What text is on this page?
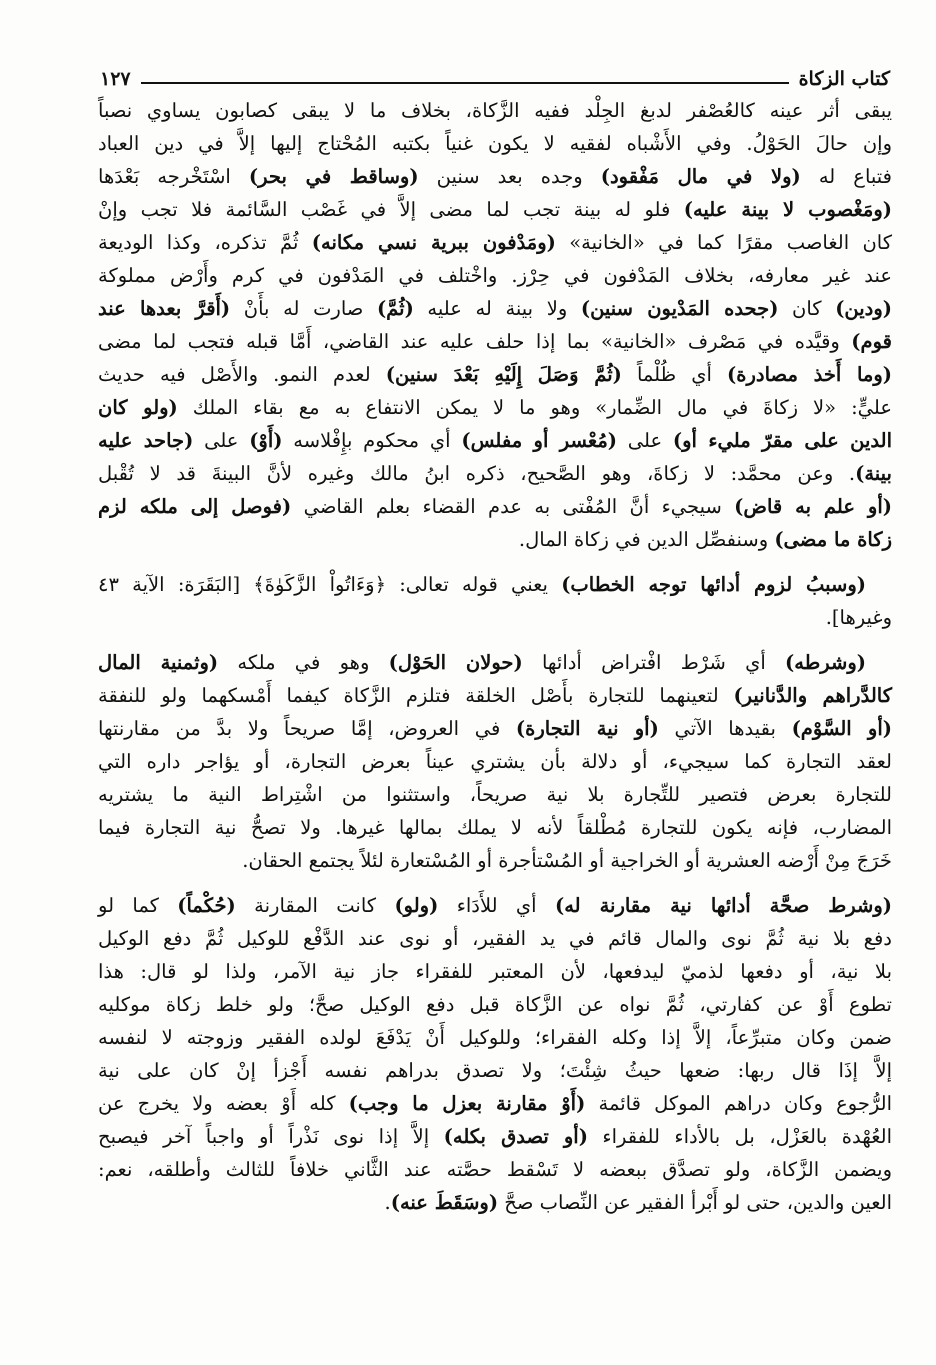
كتاب الزكاة
١٢٧
يبقى أثر عينه كالعُصْفر لدبغ الجِلْد ففيه الزَّكاة، بخلاف ما لا يبقى كصابون يساوي نصباً
وإن حالَ الحَوْلُ. وفي الأَشْباه لفقيه لا يكون غنياً بكتبه المُحْتاج إليها إلاَّ في دين العباد
فتباع له (ولا في مال مَفْقود) وجده بعد سنين (وساقط في بحر) اسْتَخْرجه بَعْدَها
(ومَغْصوب لا بينة عليه) فلو له بينة تجب لما مضى إلاَّ في غَصْب السَّائمة فلا تجب وإنْ
كان الغاصب مقرًا كما في «الخانية» (ومَدْفون ببرية نسي مكانه) ثُمَّ تذكره، وكذا الوديعة
عند غير معارفه، بخلاف المَدْفون في حِرْز. واخْتلف في المَدْفون في كرم وأَرْض مملوكة
(ودين) كان (جحده المَدْيون سنين) ولا بينة له عليه (ثُمَّ) صارت له بأَنْ (أَقرَّ بعدها عند
قوم) وقيَّده في مَصْرف «الخانية» بما إذا حلف عليه عند القاضي، أَمَّا قبله فتجب لما مضى
(وما أَخذ مصادرة) أي ظُلْماً (ثُمَّ وَصَلَ إِلَيْهِ بَعْدَ سنين) لعدم النمو. والأَصْل فيه حديث
عليٍّ: «لا زكاةَ في مال الضِّمار» وهو ما لا يمكن الانتفاع به مع بقاء الملك (ولو كان
الدين على مقرّ مليء أو) على (مُعْسر أو مفلس) أي محكوم بإِفْلاسه (أَوْ) على (جاحد عليه
بينة). وعن محمَّد: لا زكاةَ، وهو الصَّحيح، ذكره ابنُ مالك وغيره لأنَّ البينةَ قد لا تُقْبل
(أو علم به قاض) سيجيء أنَّ المُفْتى به عدم القضاء بعلم القاضي (فوصل إلى ملكه لزم
زكاة ما مضى) وسنفصِّل الدين في زكاة المال.
(وسببُ لزوم أدائها توجه الخطاب) يعني قوله تعالى: ﴿وَءَاتُواْ الزَّكَوٰةَ﴾ [البَقَرَة: الآية ٤٣
وغيرها].
(وشرطه) أي شَرْط افْتراض أدائها (حولان الحَوْل) وهو في ملكه (وثمنية المال
كالدَّراهم والدَّنانير) لتعينهما للتجارة بأَصْل الخلقة فتلزم الزَّكاة كيفما أَمْسكهما ولو للنفقة
(أو السَّوْم) بقيدها الآتي (أو نية التجارة) في العروض، إمَّا صريحاً ولا بدَّ من مقارنتها
لعقد التجارة كما سيجيء، أو دلالة بأن يشتري عيناً بعرض التجارة، أو يؤاجر داره التي
للتجارة بعرض فتصير للتِّجارة بلا نية صريحاً، واستثنوا من اشْتِراط النية ما يشتريه
المضارب، فإنه يكون للتجارة مُطْلقاً لأنه لا يملك بمالها غيرها. ولا تصحُّ نية التجارة فيما
خَرَجَ مِنْ أَرْضه العشرية أو الخراجية أو المُسْتأجرة أو المُسْتعارة لئلاً يجتمع الحقان.
(وشرط صحَّة أدائها نية مقارنة له) أي للأَدَاء (ولو) كانت المقارنة (حُكْماً) كما لو
دفع بلا نية ثُمَّ نوى والمال قائم في يد الفقير، أو نوى عند الدَّفْع للوكيل ثُمَّ دفع الوكيل
بلا نية، أو دفعها لذميّ ليدفعها، لأن المعتبر للفقراء جاز نية الآمر، ولذا لو قال: هذا
تطوع أَوْ عن كفارتي، ثُمَّ نواه عن الزَّكاة قبل دفع الوكيل صحَّ؛ ولو خلط زكاة موكليه
ضمن وكان متبرِّعاً، إلاَّ إذا وكله الفقراء؛ وللوكيل أَنْ يَدْفَعَ لولده الفقير وزوجته لا لنفسه
إلاَّ إذَا قال ربها: ضعها حيثُ شِئْتَ؛ ولا تصدق بدراهم نفسه أَجْزأ إنْ كان على نية
الرُّجوع وكان دراهم الموكل قائمة (أَوْ مقارنة بعزل ما وجب) كله أَوْ بعضه ولا يخرج عن
العُهْدة بالعَزْل، بل بالأداء للفقراء (أو تصدق بكله) إلاَّ إذا نوى نَذْراً أو واجباً آخر فيصبح
ويضمن الزَّكاة، ولو تصدَّق ببعضه لا تَسْقط حصَّته عند الثَّاني خلافاً للثالث وأطلقه، نعم:
العين والدين، حتى لو أَبْرأ الفقير عن النِّصاب صحَّ (وسَقَطَ عنه).
